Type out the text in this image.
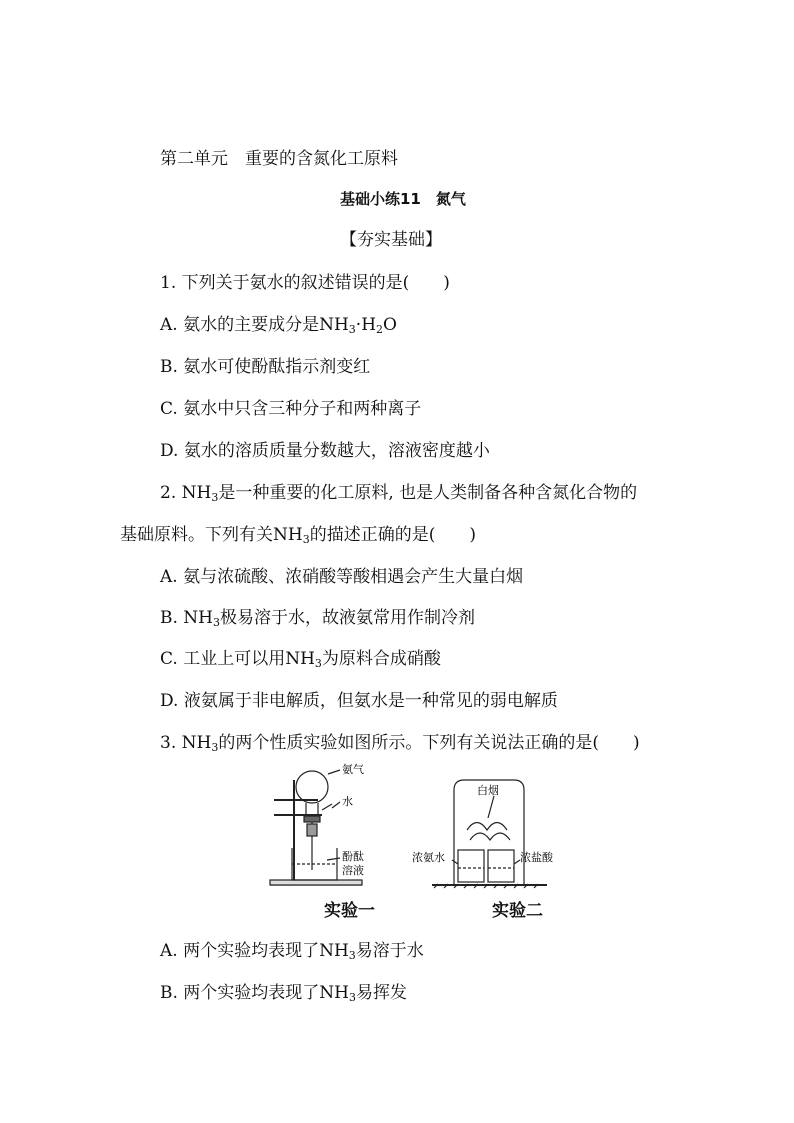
第二单元　重要的含氮化工原料
基础小练11　氮气
【夯实基础】
1. 下列关于氨水的叙述错误的是(　　)
A. 氨水的主要成分是$NH_3\cdot H_2O$
B. 氨水可使酚酞指示剂变红
C. 氨水中只含三种分子和两种离子
D. 氨水的溶质质量分数越大，溶液密度越小
2. $NH_3$是一种重要的化工原料, 也是人类制备各种含氮化合物的
基础原料。下列有关$NH_3$的描述正确的是(　　)
A. 氨与浓硫酸、浓硝酸等酸相遇会产生大量白烟
B. $NH_3$极易溶于水，故液氨常用作制冷剂
C. 工业上可以用$NH_3$为原料合成硝酸
D. 液氨属于非电解质，但氨水是一种常见的弱电解质
3. $NH_3$的两个性质实验如图所示。下列有关说法正确的是(　　)
氨气
水
酚酞
溶液
白烟
浓氨水	浓盐酸
实验一	实验二
A. 两个实验均表现了$NH_3$易溶于水
B. 两个实验均表现了$NH_3$易挥发
